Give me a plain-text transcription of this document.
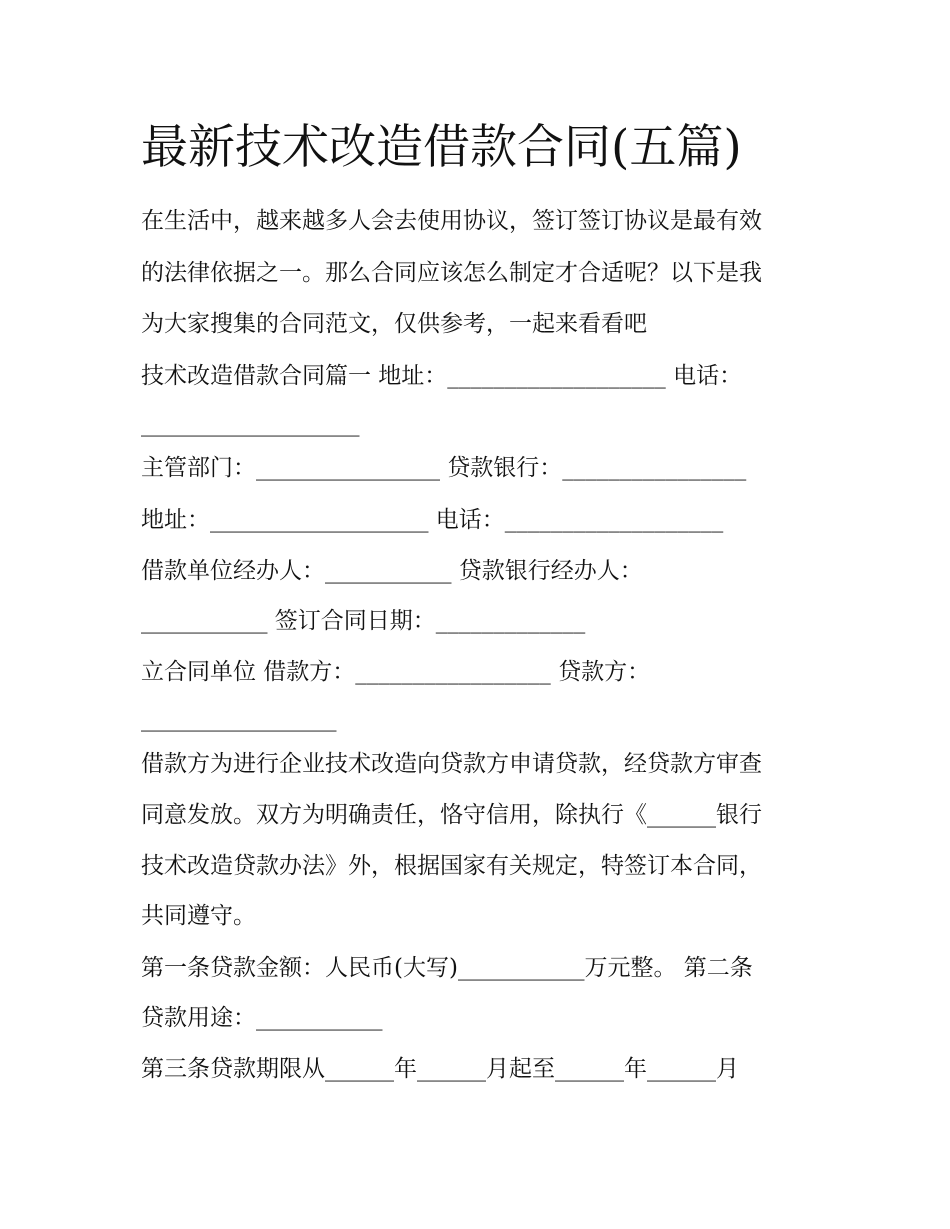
最新技术改造借款合同(五篇)
在生活中，越来越多人会去使用协议，签订签订协议是最有效
的法律依据之一。那么合同应该怎么制定才合适呢？以下是我
为大家搜集的合同范文，仅供参考，一起来看看吧
技术改造借款合同篇一 地址：___________________ 电话：
___________________
主管部门：________________ 贷款银行：________________
地址：___________________ 电话：___________________
借款单位经办人：___________ 贷款银行经办人：
___________ 签订合同日期：_____________
立合同单位 借款方：_________________ 贷款方：
_________________
借款方为进行企业技术改造向贷款方申请贷款，经贷款方审查
同意发放。双方为明确责任，恪守信用，除执行《______银行
技术改造贷款办法》外，根据国家有关规定，特签订本合同，
共同遵守。
第一条贷款金额：人民币(大写)___________万元整。 第二条
贷款用途：___________
第三条贷款期限从______年______月起至______年______月
